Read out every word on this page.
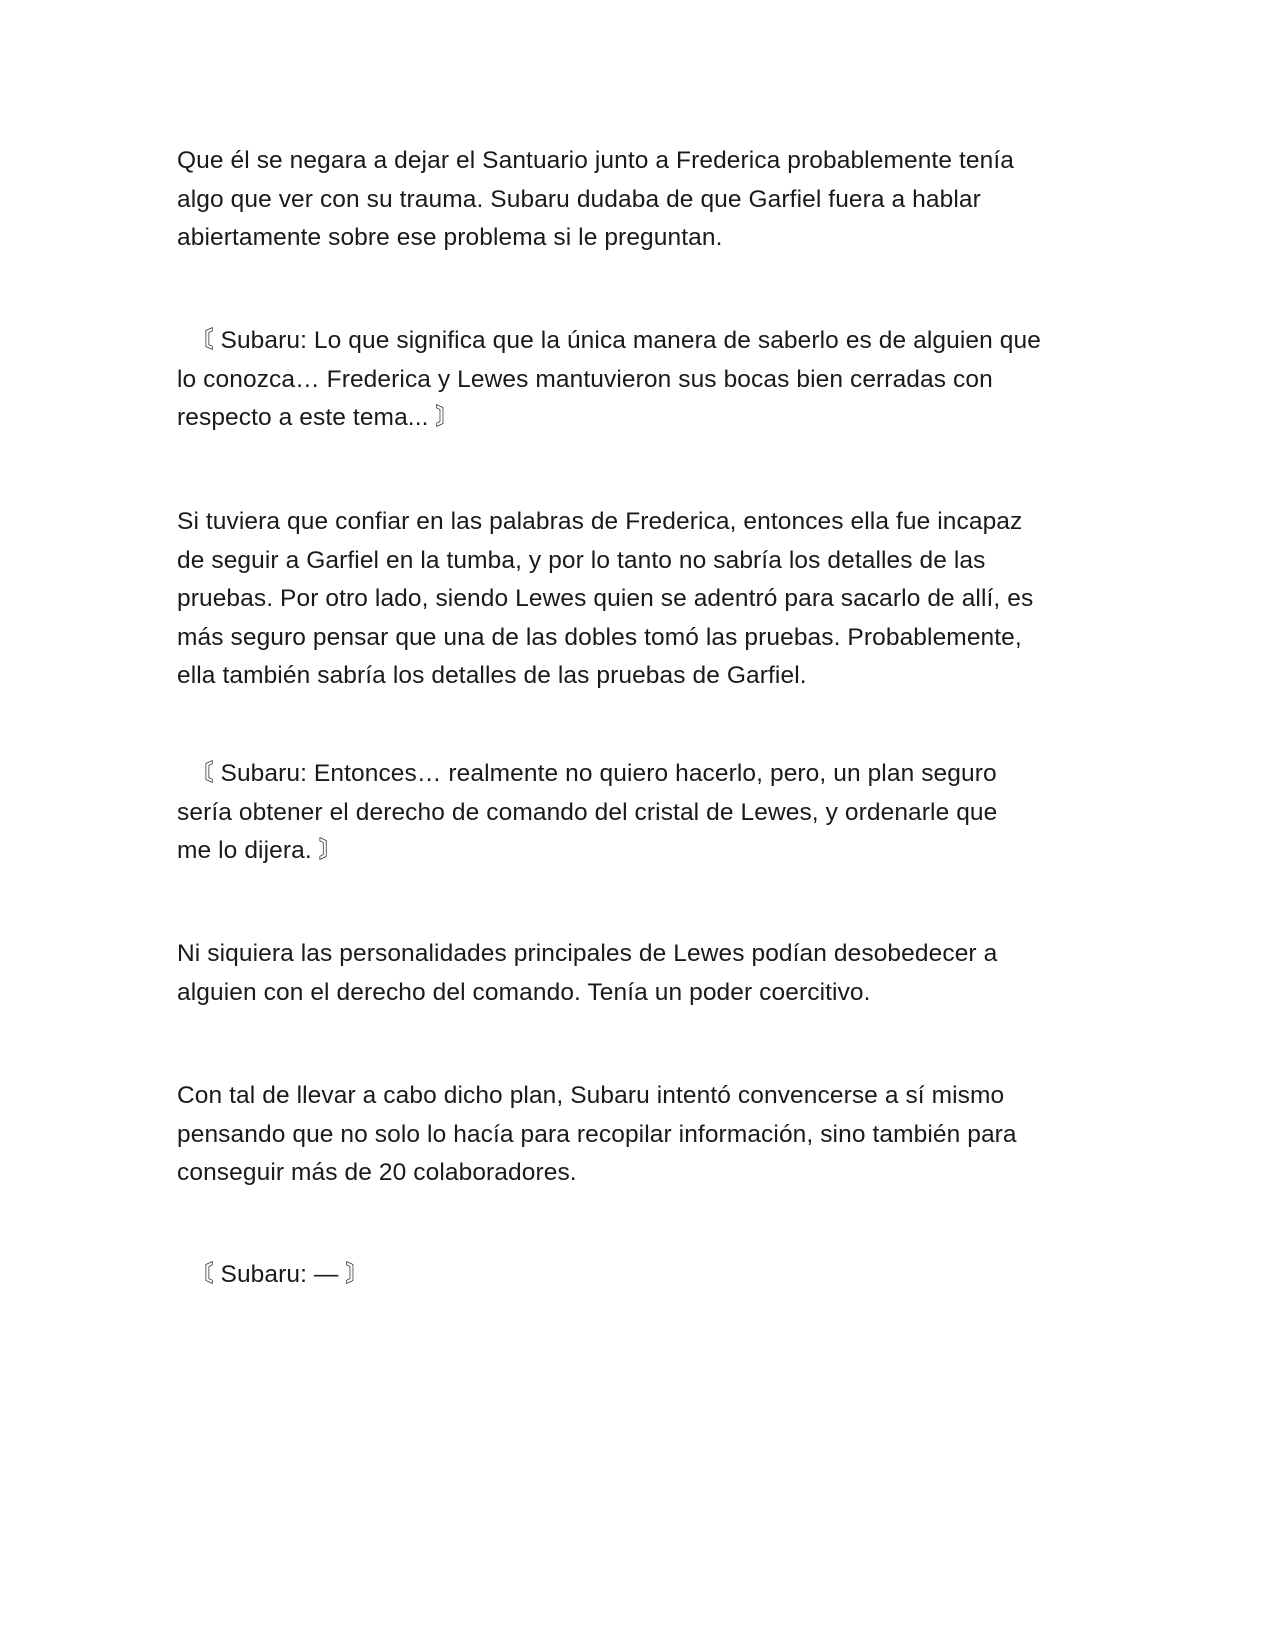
Que él se negara a dejar el Santuario junto a Frederica probablemente tenía
algo que ver con su trauma. Subaru dudaba de que Garfiel fuera a hablar
abiertamente sobre ese problema si le preguntan.

〘 Subaru: Lo que significa que la única manera de saberlo es de alguien que
lo conozca… Frederica y Lewes mantuvieron sus bocas bien cerradas con
respecto a este tema... 〙

Si tuviera que confiar en las palabras de Frederica, entonces ella fue incapaz
de seguir a Garfiel en la tumba, y por lo tanto no sabría los detalles de las
pruebas. Por otro lado, siendo Lewes quien se adentró para sacarlo de allí, es
más seguro pensar que una de las dobles tomó las pruebas. Probablemente,
ella también sabría los detalles de las pruebas de Garfiel.

〘 Subaru: Entonces… realmente no quiero hacerlo, pero, un plan seguro
sería obtener el derecho de comando del cristal de Lewes, y ordenarle que
me lo dijera. 〙

Ni siquiera las personalidades principales de Lewes podían desobedecer a
alguien con el derecho del comando. Tenía un poder coercitivo.

Con tal de llevar a cabo dicho plan, Subaru intentó convencerse a sí mismo
pensando que no solo lo hacía para recopilar información, sino también para
conseguir más de 20 colaboradores.

〘 Subaru: — 〙
